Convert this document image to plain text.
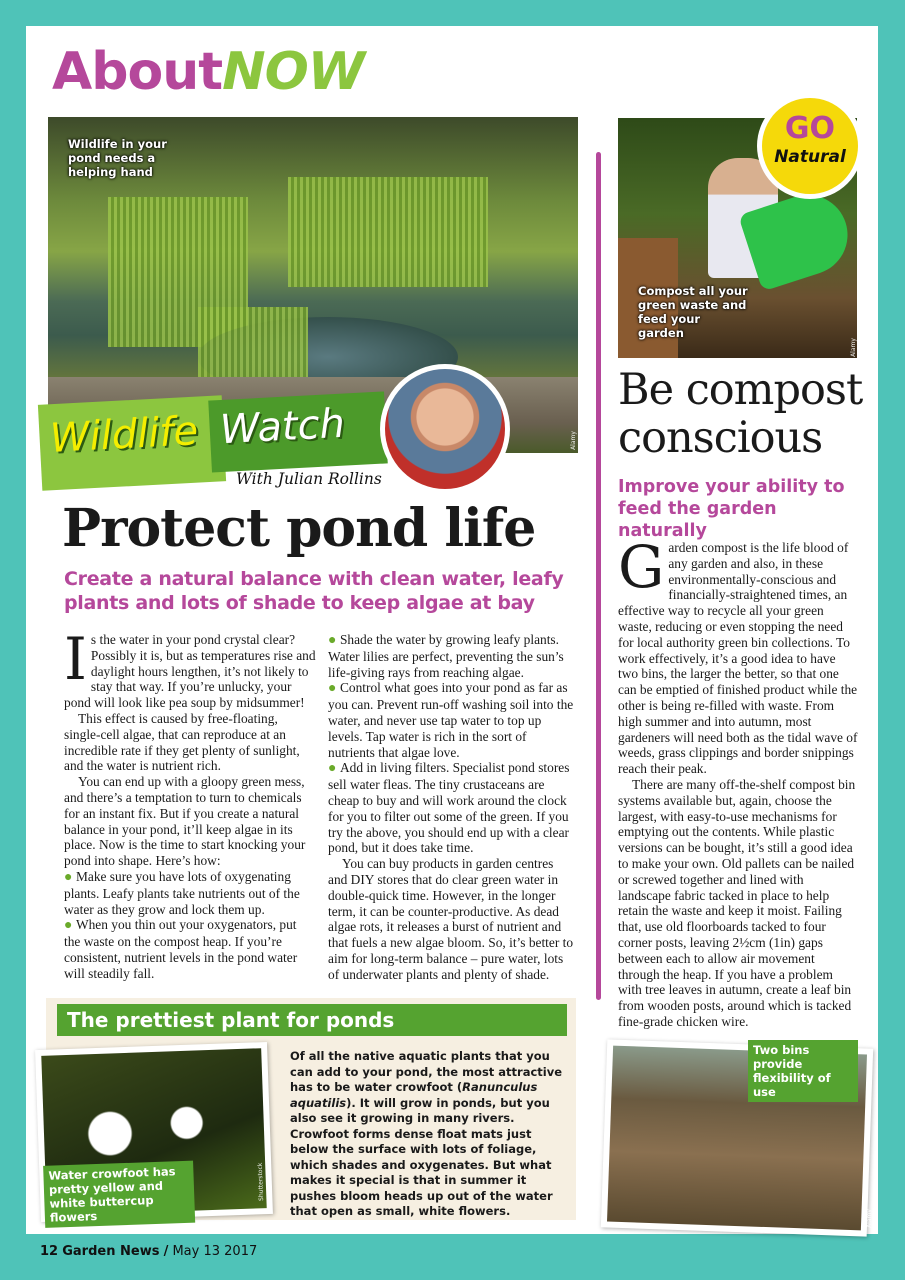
AboutNOW
Wildlife in your pond needs a helping hand
Alamy
Compost all your green waste and feed your garden
Alamy
GO
Natural
Wildlife Watch
With Julian Rollins
Protect pond life
Create a natural balance with clean water, leafy plants and lots of shade to keep algae at bay

Is the water in your pond crystal clear? Possibly it is, but as temperatures rise and daylight hours lengthen, it’s not likely to stay that way. If you’re unlucky, your pond will look like pea soup by midsummer!

This effect is caused by free-floating, single-cell algae, that can reproduce at an incredible rate if they get plenty of sunlight, and the water is nutrient rich.

You can end up with a gloopy green mess, and there’s a temptation to turn to chemicals for an instant fix. But if you create a natural balance in your pond, it’ll keep algae in its place. Now is the time to start knocking your pond into shape. Here’s how:

● Make sure you have lots of oxygenating plants. Leafy plants take nutrients out of the water as they grow and lock them up.

● When you thin out your oxygenators, put the waste on the compost heap. If you’re consistent, nutrient levels in the pond water will steadily fall.

● Shade the water by growing leafy plants. Water lilies are perfect, preventing the sun’s life-giving rays from reaching algae.

● Control what goes into your pond as far as you can. Prevent run-off washing soil into the water, and never use tap water to top up levels. Tap water is rich in the sort of nutrients that algae love.

● Add in living filters. Specialist pond stores sell water fleas. The tiny crustaceans are cheap to buy and will work around the clock for you to filter out some of the green. If you try the above, you should end up with a clear pond, but it does take time.

You can buy products in garden centres and DIY stores that do clear green water in double-quick time. However, in the longer term, it can be counter-productive. As dead algae rots, it releases a burst of nutrient and that fuels a new algae bloom. So, it’s better to aim for long-term balance – pure water, lots of underwater plants and plenty of shade.

Be compost conscious
Improve your ability to feed the garden naturally

Garden compost is the life blood of any garden and also, in these environmentally-conscious and financially-straightened times, an effective way to recycle all your green waste, reducing or even stopping the need for local authority green bin collections. To work effectively, it’s a good idea to have two bins, the larger the better, so that one can be emptied of finished product while the other is being re-filled with waste. From high summer and into autumn, most gardeners will need both as the tidal wave of weeds, grass clippings and border snippings reach their peak.

There are many off-the-shelf compost bin systems available but, again, choose the largest, with easy-to-use mechanisms for emptying out the contents. While plastic versions can be bought, it’s still a good idea to make your own. Old pallets can be nailed or screwed together and lined with landscape fabric tacked in place to help retain the waste and keep it moist. Failing that, use old floorboards tacked to four corner posts, leaving 2½cm (1in) gaps between each to allow air movement through the heap. If you have a problem with tree leaves in autumn, create a leaf bin from wooden posts, around which is tacked fine-grade chicken wire.

The prettiest plant for ponds
Water crowfoot has pretty yellow and white buttercup flowers
Shutterstock
Of all the native aquatic plants that you can add to your pond, the most attractive has to be water crowfoot (Ranunculus aquatilis). It will grow in ponds, but you also see it growing in many rivers. Crowfoot forms dense float mats just below the surface with lots of foliage, which shades and oxygenates. But what makes it special is that in summer it pushes bloom heads up out of the water that open as small, white flowers.
Two bins provide flexibility of use
Alamy
12 Garden News / May 13 2017
